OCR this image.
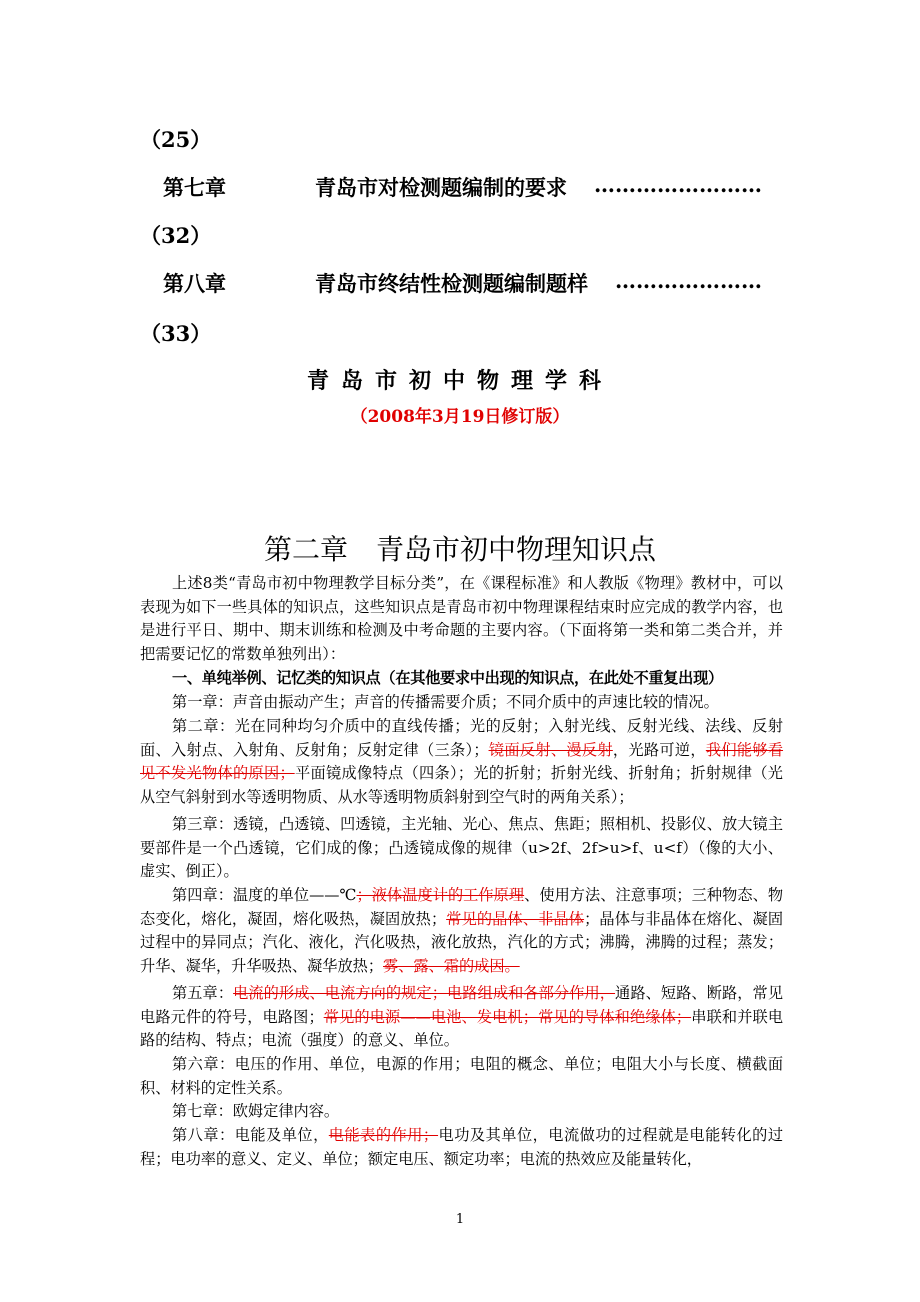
（25）
第七章	青岛市对检测题编制的要求 ……………………
（32）
第八章	青岛市终结性检测题编制题样 …………………
（33）
青岛市初中物理学科
（2008年3月19日修订版）
第二章　青岛市初中物理知识点

上述8类“青岛市初中物理教学目标分类”，在《课程标准》和人教版《物理》教材中，可以表现为如下一些具体的知识点，这些知识点是青岛市初中物理课程结束时应完成的教学内容，也是进行平日、期中、期末训练和检测及中考命题的主要内容。（下面将第一类和第二类合并，并把需要记忆的常数单独列出）：

一、单纯举例、记忆类的知识点（在其他要求中出现的知识点，在此处不重复出现）

第一章：声音由振动产生；声音的传播需要介质；不同介质中的声速比较的情况。

第二章：光在同种均匀介质中的直线传播；光的反射；入射光线、反射光线、法线、反射面、入射点、入射角、反射角；反射定律（三条）；镜面反射、漫反射，光路可逆，我们能够看见不发光物体的原因；平面镜成像特点（四条）；光的折射；折射光线、折射角；折射规律（光从空气斜射到水等透明物质、从水等透明物质斜射到空气时的两角关系）；

第三章：透镜，凸透镜、凹透镜，主光轴、光心、焦点、焦距；照相机、投影仪、放大镜主要部件是一个凸透镜，它们成的像；凸透镜成像的规律（u>2f、2f>u>f、u<f）（像的大小、虚实、倒正）。

第四章：温度的单位——℃；液体温度计的工作原理、使用方法、注意事项；三种物态、物态变化，熔化，凝固，熔化吸热，凝固放热；常见的晶体、非晶体；晶体与非晶体在熔化、凝固过程中的异同点；汽化、液化，汽化吸热，液化放热，汽化的方式；沸腾，沸腾的过程；蒸发；升华、凝华，升华吸热、凝华放热；雾、露、霜的成因。

第五章：电流的形成、电流方向的规定；电路组成和各部分作用，通路、短路、断路，常见电路元件的符号，电路图；常见的电源——电池、发电机；常见的导体和绝缘体；串联和并联电路的结构、特点；电流（强度）的意义、单位。

第六章：电压的作用、单位，电源的作用；电阻的概念、单位；电阻大小与长度、横截面积、材料的定性关系。

第七章：欧姆定律内容。

第八章：电能及单位，电能表的作用；电功及其单位，电流做功的过程就是电能转化的过程；电功率的意义、定义、单位；额定电压、额定功率；电流的热效应及能量转化，

1
